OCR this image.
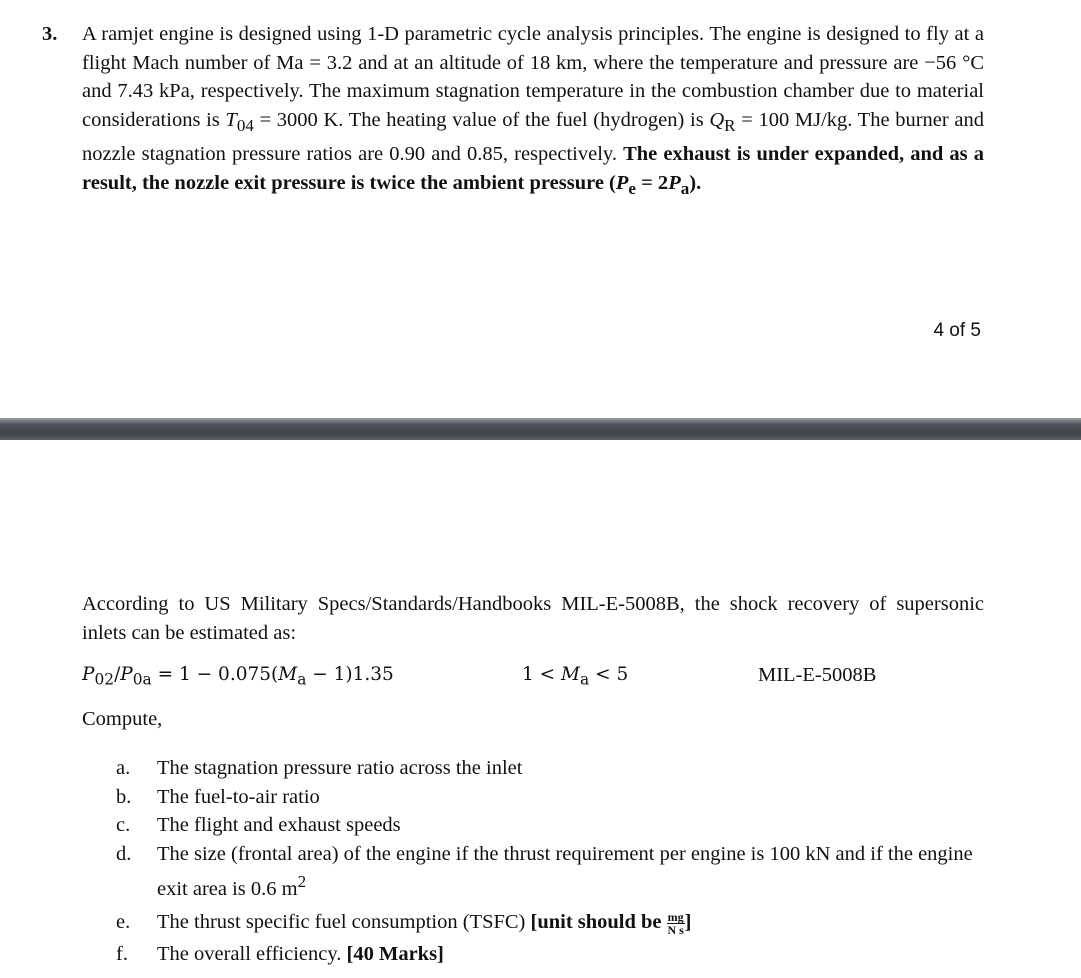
3. A ramjet engine is designed using 1-D parametric cycle analysis principles. The engine is designed to fly at a flight Mach number of Ma = 3.2 and at an altitude of 18 km, where the temperature and pressure are −56 °C and 7.43 kPa, respectively. The maximum stagnation temperature in the combustion chamber due to material considerations is $T_{04} = 3000$ K. The heating value of the fuel (hydrogen) is $Q_R = 100$ MJ/kg. The burner and nozzle stagnation pressure ratios are 0.90 and 0.85, respectively. The exhaust is under expanded, and as a result, the nozzle exit pressure is twice the ambient pressure $(P_e = 2P_a)$.
4 of 5
According to US Military Specs/Standards/Handbooks MIL-E-5008B, the shock recovery of supersonic inlets can be estimated as:
$P_{02}/P_{0a} = 1 - 0.075(M_a - 1)1.35$	$1 < M_a < 5$	MIL-E-5008B
Compute,
a. The stagnation pressure ratio across the inlet
b. The fuel-to-air ratio
c. The flight and exhaust speeds
d. The size (frontal area) of the engine if the thrust requirement per engine is 100 kN and if the engine exit area is 0.6 $m^2$
e. The thrust specific fuel consumption (TSFC) [unit should be $\frac{mg}{\text{N s}}$ ]
f. The overall efficiency. [40 Marks]
